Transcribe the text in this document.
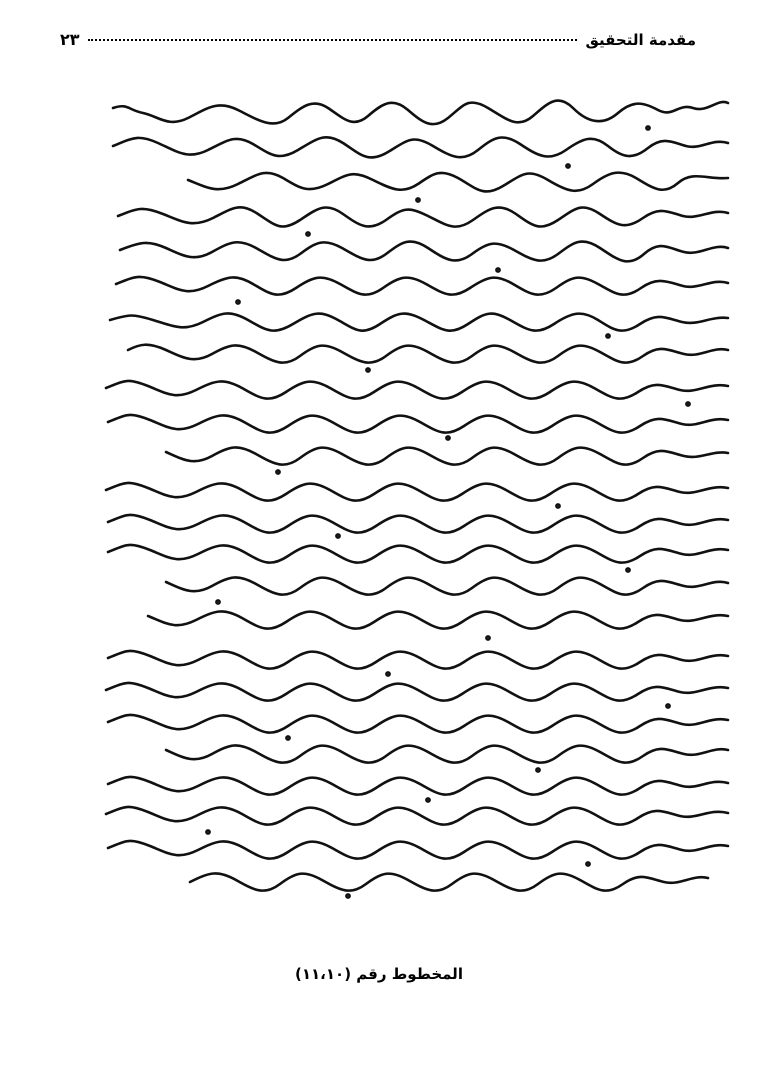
مقدمة التحقيق
٢٣
المخطوط رقم (١١،١٠)
